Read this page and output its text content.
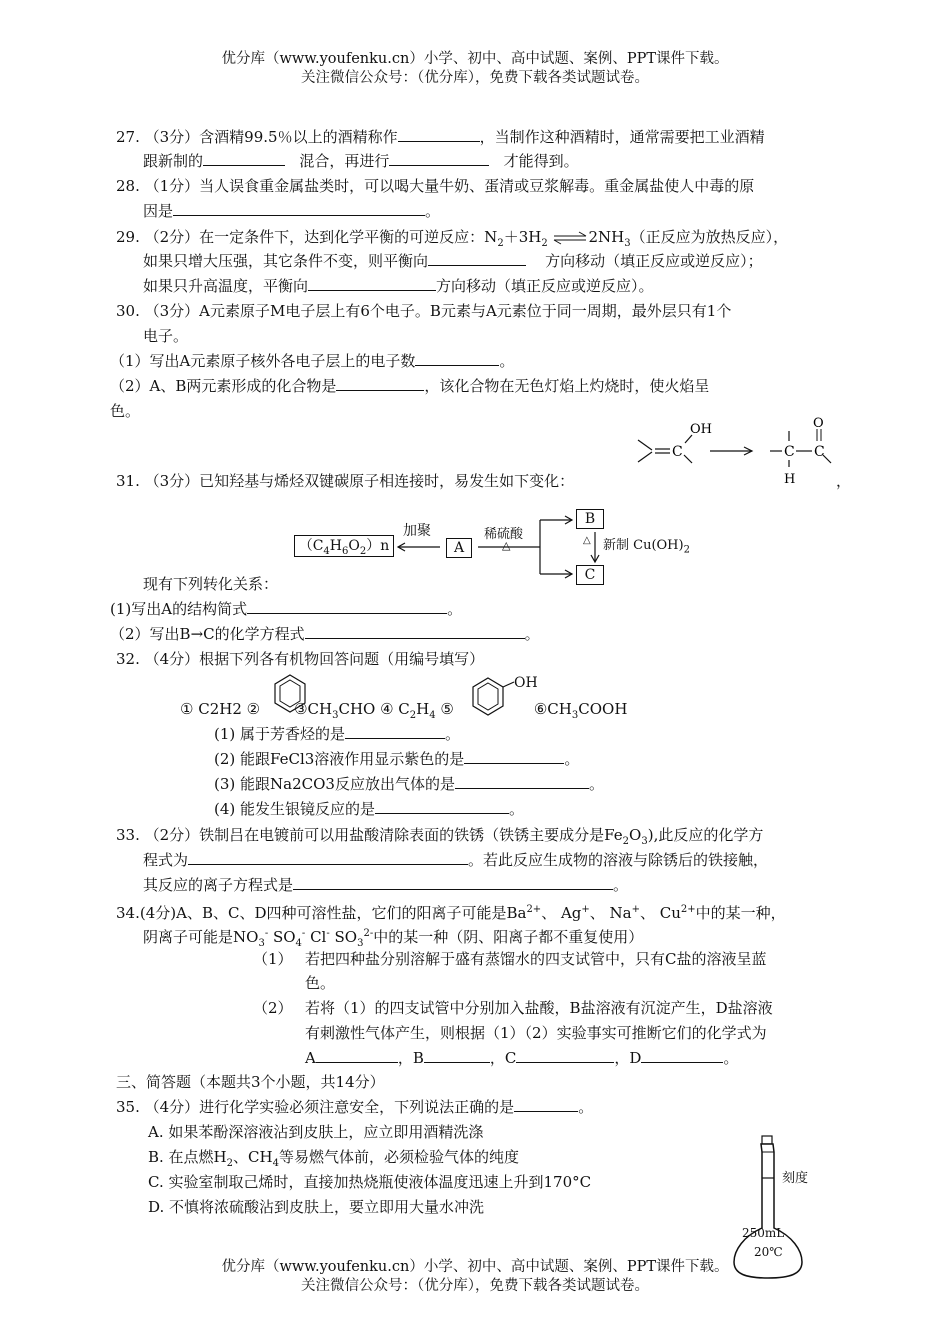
优分库（www.youfenku.cn）小学、初中、高中试题、案例、PPT课件下载。
关注微信公众号：（优分库），免费下载各类试题试卷。
27. （3分）含酒精99.5％以上的酒精称作	，当制作这种酒精时，通常需要把工业酒精
跟新制的	混合，再进行	才能得到。
28. （1分）当人误食重金属盐类时，可以喝大量牛奶、蛋清或豆浆解毒。重金属盐使人中毒的原
因是	。
29. （2分）在一定条件下，达到化学平衡的可逆反应：$N_2+3H_2$ $\rightleftharpoons 2NH_3$（正反应为放热反应），
如果只增大压强，其它条件不变，则平衡向	方向移动（填正反应或逆反应）；
如果只升高温度，平衡向	方向移动（填正反应或逆反应）。
30. （3分）A元素原子M电子层上有6个电子。B元素与A元素位于同一周期，最外层只有1个
电子。
（1）写出A元素原子核外各电子层上的电子数	。
（2）A、B两元素形成的化合物是	，该化合物在无色灯焰上灼烧时，使火焰呈
色。
C
OH
C
H
C
O
31. （3分）已知羟基与烯烃双键碳原子相连接时，易发生如下变化：	，
$(C_4H_6O_2)n$
加聚
A
稀硫酸
△
B
C
△ 新制 $Cu(OH)_2$
现有下列转化关系：
(1)写出A的结构简式	。
（2）写出B→C的化学方程式	。
32. （4分）根据下列各有机物回答问题（用编号填写）
① C2H2 ② $③CH_3CHO$ ④ $C_2H_4$ ⑤	$⑥CH_3COOH$
OH
(1) 属于芳香烃的是	。
(2) 能跟FeCl3溶液作用显示紫色的是	。
(3) 能跟Na2CO3反应放出气体的是	。
(4) 能发生银镜反应的是	。
33. （2分）铁制吕在电镀前可以用盐酸清除表面的铁锈（铁锈主要成分是$Fe_2O_3$),此反应的化学方
程式为	。若此反应生成物的溶液与除锈后的铁接触，
其反应的离子方程式是	。
34.(4分)A、B、C、D四种可溶性盐，它们的阳离子可能是$Ba^{2+}$、 Ag+、 Na+、 $Cu^{2+}$中的某一种，
阴离子可能是$NO_3^-$ $SO_4^-$ Cl- $SO_3^{2-}$中的某一种（阴、阳离子都不重复使用）
（1） 若把四种盐分别溶解于盛有蒸馏水的四支试管中，只有C盐的溶液呈蓝
色。
（2） 若将（1）的四支试管中分别加入盐酸，B盐溶液有沉淀产生，D盐溶液
有刺激性气体产生，则根据（1）（2）实验事实可推断它们的化学式为
A	，B	，C	，D	。
三、简答题（本题共3个小题，共14分）
35. （4分）进行化学实验必须注意安全，下列说法正确的是	。
A. 如果苯酚深溶液沾到皮肤上，应立即用酒精洗涤
B. 在点燃$H_2$、$CH_4$等易燃气体前，必须检验气体的纯度
C. 实验室制取己烯时，直接加热烧瓶使液体温度迅速上升到170°C
D. 不慎将浓硫酸沾到皮肤上，要立即用大量水冲洗
刻度
250mL
20℃
优分库（www.youfenku.cn）小学、初中、高中试题、案例、PPT课件下载。
关注微信公众号：（优分库），免费下载各类试题试卷。
